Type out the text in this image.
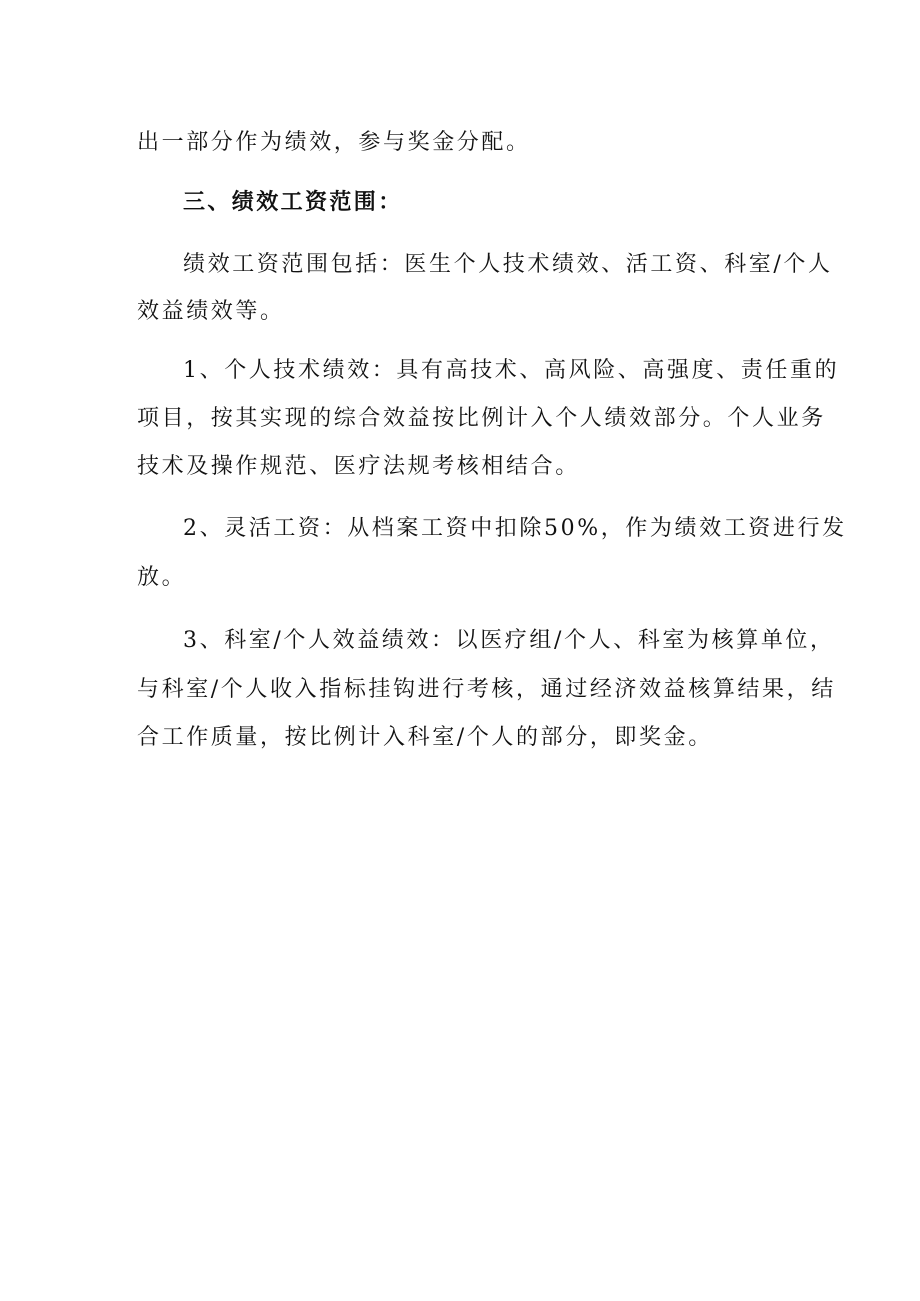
出一部分作为绩效，参与奖金分配。

三、绩效工资范围：

绩效工资范围包括：医生个人技术绩效、活工资、科室/个人

效益绩效等。

1、个人技术绩效：具有高技术、高风险、高强度、责任重的

项目，按其实现的综合效益按比例计入个人绩效部分。个人业务

技术及操作规范、医疗法规考核相结合。

2、灵活工资：从档案工资中扣除50%，作为绩效工资进行发

放。

3、科室/个人效益绩效：以医疗组/个人、科室为核算单位，

与科室/个人收入指标挂钩进行考核，通过经济效益核算结果，结

合工作质量，按比例计入科室/个人的部分，即奖金。
